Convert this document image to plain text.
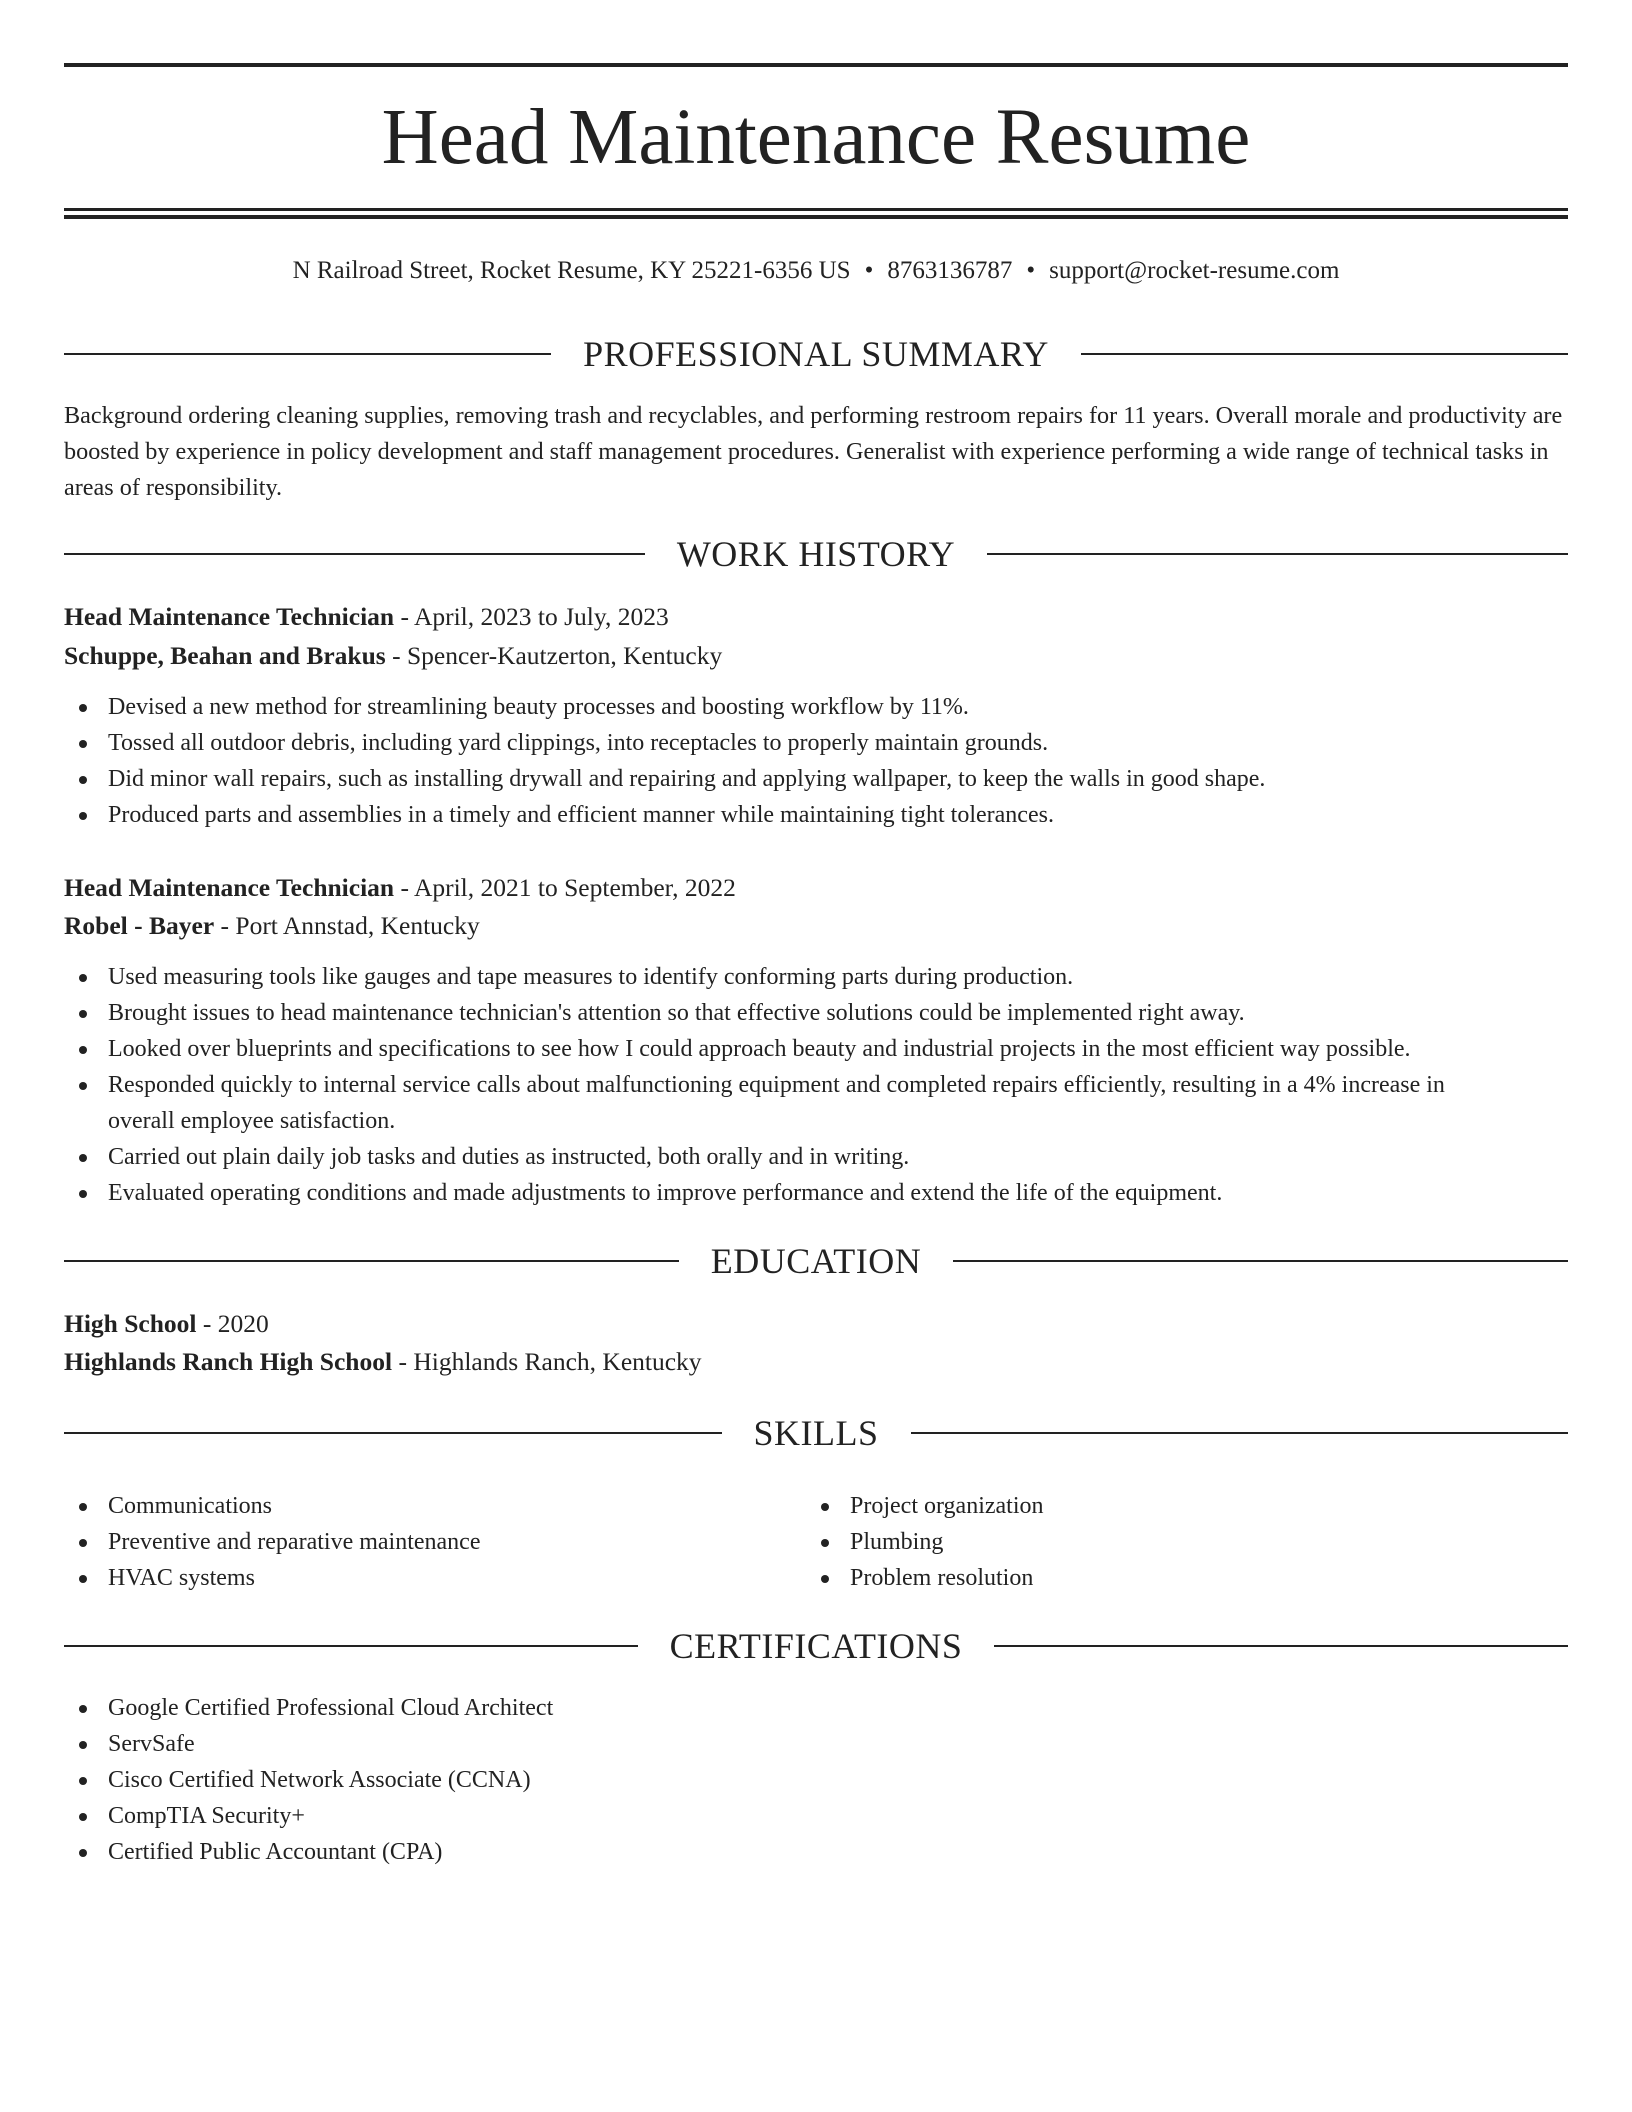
Head Maintenance Resume
N Railroad Street, Rocket Resume, KY 25221-6356 US • 8763136787 • support@rocket-resume.com
PROFESSIONAL SUMMARY
Background ordering cleaning supplies, removing trash and recyclables, and performing restroom repairs for 11 years. Overall morale and productivity are boosted by experience in policy development and staff management procedures. Generalist with experience performing a wide range of technical tasks in areas of responsibility.
WORK HISTORY
Head Maintenance Technician - April, 2023 to July, 2023
Schuppe, Beahan and Brakus - Spencer-Kautzerton, Kentucky
Devised a new method for streamlining beauty processes and boosting workflow by 11%.
Tossed all outdoor debris, including yard clippings, into receptacles to properly maintain grounds.
Did minor wall repairs, such as installing drywall and repairing and applying wallpaper, to keep the walls in good shape.
Produced parts and assemblies in a timely and efficient manner while maintaining tight tolerances.
Head Maintenance Technician - April, 2021 to September, 2022
Robel - Bayer - Port Annstad, Kentucky
Used measuring tools like gauges and tape measures to identify conforming parts during production.
Brought issues to head maintenance technician's attention so that effective solutions could be implemented right away.
Looked over blueprints and specifications to see how I could approach beauty and industrial projects in the most efficient way possible.
Responded quickly to internal service calls about malfunctioning equipment and completed repairs efficiently, resulting in a 4% increase in overall employee satisfaction.
Carried out plain daily job tasks and duties as instructed, both orally and in writing.
Evaluated operating conditions and made adjustments to improve performance and extend the life of the equipment.
EDUCATION
High School - 2020
Highlands Ranch High School - Highlands Ranch, Kentucky
SKILLS
Communications
Preventive and reparative maintenance
HVAC systems
Project organization
Plumbing
Problem resolution
CERTIFICATIONS
Google Certified Professional Cloud Architect
ServSafe
Cisco Certified Network Associate (CCNA)
CompTIA Security+
Certified Public Accountant (CPA)
